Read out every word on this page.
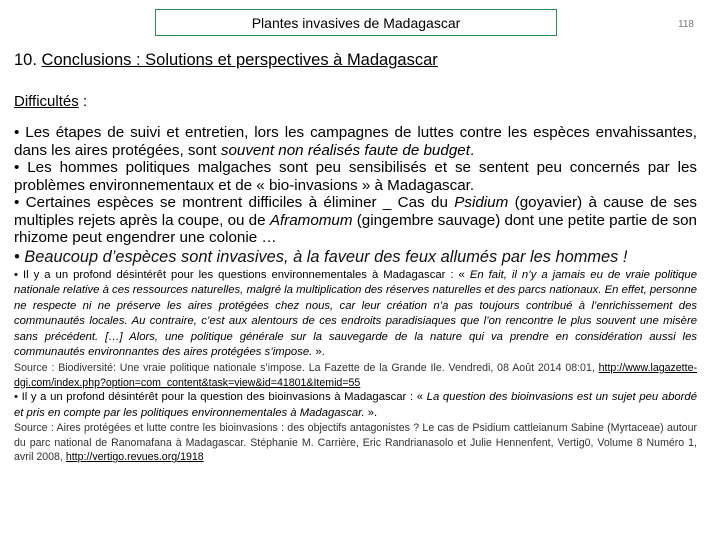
Plantes invasives de Madagascar	118
10. Conclusions : Solutions et perspectives à Madagascar
Difficultés :

• Les étapes de suivi et entretien, lors les campagnes de luttes contre les espèces envahissantes, dans les aires protégées, sont souvent non réalisés faute de budget.

• Les hommes politiques malgaches sont peu sensibilisés et se sentent peu concernés par les problèmes environnementaux et de « bio-invasions » à Madagascar.

• Certaines espèces se montrent difficiles à éliminer _ Cas du Psidium (goyavier) à cause de ses multiples rejets après la coupe, ou de Aframomum (gingembre sauvage) dont une petite partie de son rhizome peut engendrer une colonie …

• Beaucoup d’espèces sont invasives, à la faveur des feux allumés par les hommes !

• Il y a un profond désintérêt pour les questions environnementales à Madagascar : « En fait, il n’y a jamais eu de vraie politique nationale relative à ces ressources naturelles, malgré la multiplication des réserves naturelles et des parcs nationaux. En effet, personne ne respecte ni ne préserve les aires protégées chez nous, car leur création n’a pas toujours contribué à l’enrichissement des communautés locales. Au contraire, c’est aux alentours de ces endroits paradisiaques que l’on rencontre le plus souvent une misère sans précédent. […] Alors, une politique générale sur la sauvegarde de la nature qui va prendre en considération aussi les communautés environnantes des aires protégées s’impose. ».

Source : Biodiversité: Une vraie politique nationale s’impose. La Fazette de la Grande Ile. Vendredi, 08 Août 2014 08:01, http://www.lagazette-dgi.com/index.php?option=com_content&task=view&id=41801&Itemid=55

• Il y a un profond désintérêt pour la question des bioinvasions à Madagascar : « La question des bioinvasions est un sujet peu abordé et pris en compte par les politiques environnementales à Madagascar. ».

Source : Aires protégées et lutte contre les bioinvasions : des objectifs antagonistes ? Le cas de Psidium cattleianum Sabine (Myrtaceae) autour du parc national de Ranomafana à Madagascar. Stéphanie M. Carrière, Eric Randrianasolo et Julie Hennenfent, Vertig0, Volume 8 Numéro 1, avril 2008, http://vertigo.revues.org/1918
